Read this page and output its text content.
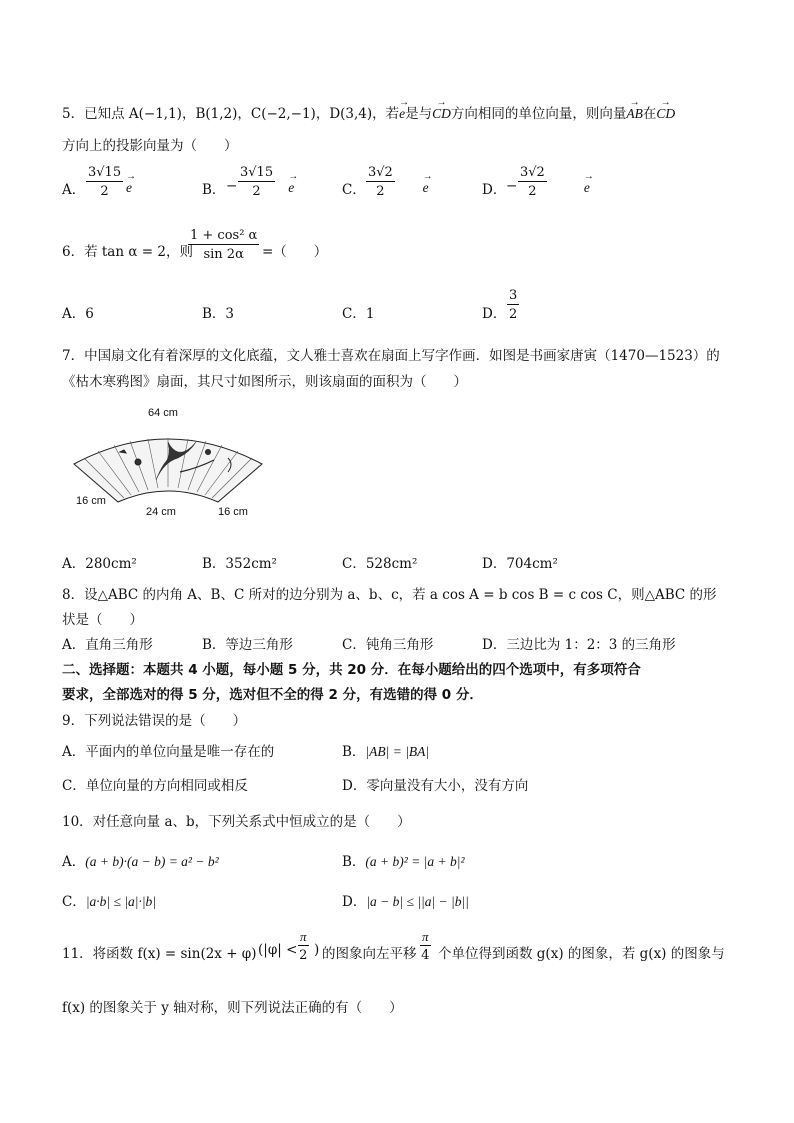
5．已知点 A(−1,1)，B(1,2)，C(−2,−1)，D(3,4)，若→ e是与→ CD方向相同的单位向量，则向量→ AB在→ CD
方向上的投影向量为（　　）
A． $\frac{3√15}{2}$
→ e	B． − $\frac{3√15}{2}$
→ e	C． $\frac{3√2}{2}$
→ e	D． − $\frac{3√2}{2}$
→	e
6．若 tan α = 2，则
$\frac{\text{1 + cos² α}}{\sin 2\alpha}$ =（　　）
A．6	B．3	C．1	D． $\frac{3}{2}$
7．中国扇文化有着深厚的文化底蕴，文人雅士喜欢在扇面上写字作画．如图是书画家唐寅（1470—1523）的
《枯木寒鸦图》扇面，其尺寸如图所示，则该扇面的面积为（　　）
64 cm
16 cm
24 cm	16 cm
A．280cm²	B．352cm²	C．528cm²	D．704cm²
8．设△ABC 的内角 A、B、C 所对的边分别为 a、b、c，若 a cos A = b cos B = c cos C，则△ABC 的形
状是（　　）
A．直角三角形	B．等边三角形	C．钝角三角形	D．三边比为 1：2：3 的三角形
二、选择题：本题共 4 小题，每小题 5 分，共 20 分．在每小题给出的四个选项中，有多项符合
要求，全部选对的得 5 分，选对但不全的得 2 分，有选错的得 0 分．
9．下列说法错误的是（　　）
A．平面内的单位向量是唯一存在的	B．|AB| = |BA|
C．单位向量的方向相同或相反	D．零向量没有大小，没有方向
10．对任意向量 a、b，下列关系式中恒成立的是（　　）
A．(a + b)·(a − b) = a² − b²	B．(a + b)² = |a + b|²
C．|a·b| ≤ |a|·|b|	D．|a − b| ≤ ||a| − |b||
11．将函数 f(x) = sin(2x + φ) ($|\varphi| < \frac{\pi}{2}$ ) 的图象向左平移 $\frac{\pi}{4}$ 个单位得到函数 g(x) 的图象，若 g(x) 的图象与
f(x) 的图象关于 y 轴对称，则下列说法正确的有（　　）
